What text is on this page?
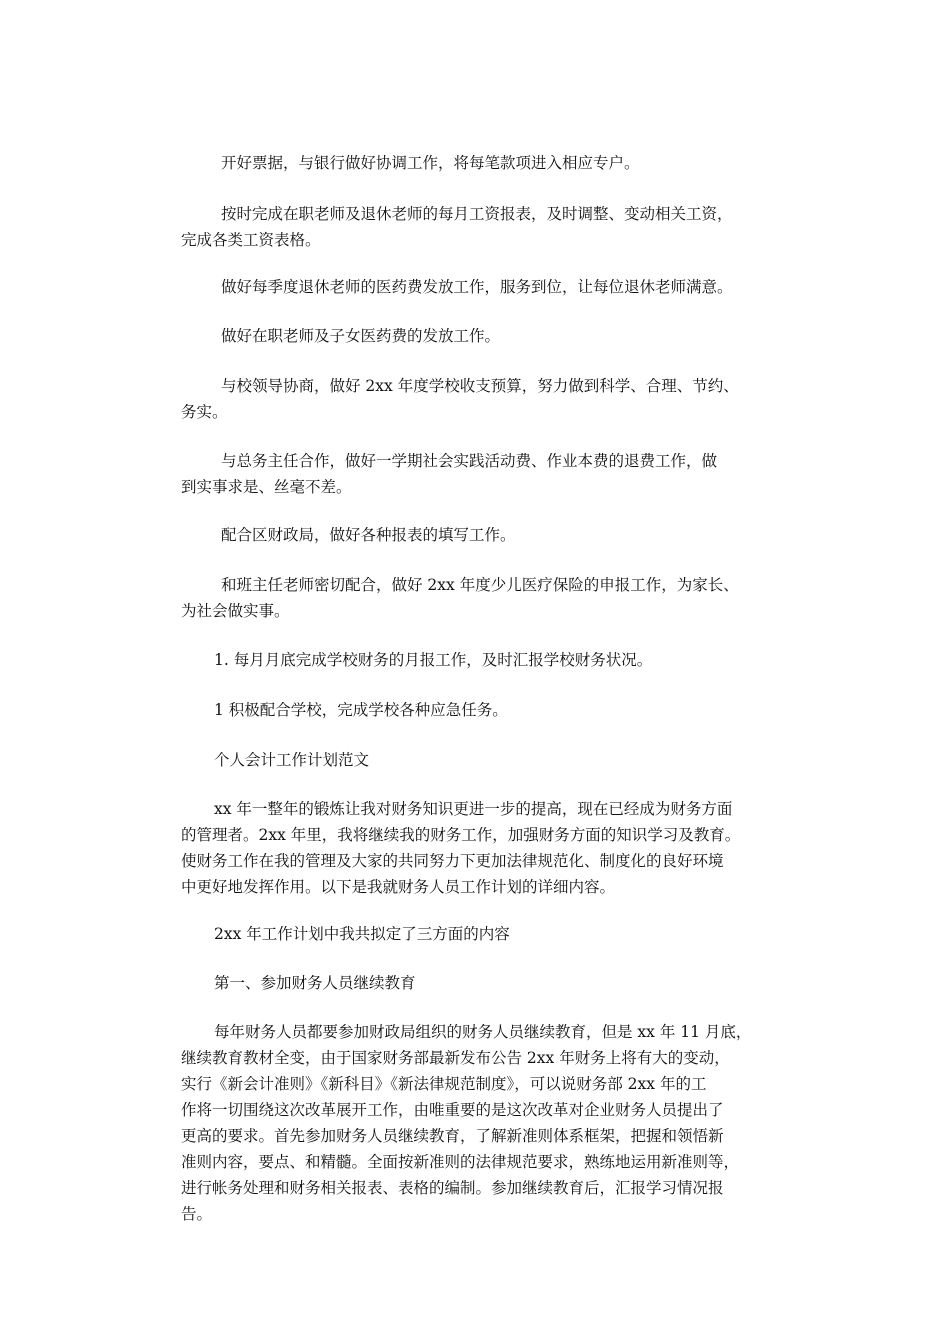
开好票据，与银行做好协调工作，将每笔款项进入相应专户。

按时完成在职老师及退休老师的每月工资报表，及时调整、变动相关工资，
完成各类工资表格。

做好每季度退休老师的医药费发放工作，服务到位，让每位退休老师满意。

做好在职老师及子女医药费的发放工作。

与校领导协商，做好 2xx 年度学校收支预算，努力做到科学、合理、节约、
务实。

与总务主任合作，做好一学期社会实践活动费、作业本费的退费工作，做
到实事求是、丝毫不差。

配合区财政局，做好各种报表的填写工作。

和班主任老师密切配合，做好 2xx 年度少儿医疗保险的申报工作，为家长、
为社会做实事。

1. 每月月底完成学校财务的月报工作，及时汇报学校财务状况。

1 积极配合学校，完成学校各种应急任务。

个人会计工作计划范文

xx 年一整年的锻炼让我对财务知识更进一步的提高，现在已经成为财务方面
的管理者。2xx 年里，我将继续我的财务工作，加强财务方面的知识学习及教育。
使财务工作在我的管理及大家的共同努力下更加法律规范化、制度化的良好环境
中更好地发挥作用。以下是我就财务人员工作计划的详细内容。

2xx 年工作计划中我共拟定了三方面的内容

第一、参加财务人员继续教育

每年财务人员都要参加财政局组织的财务人员继续教育，但是 xx 年 11 月底，
继续教育教材全变，由于国家财务部最新发布公告 2xx 年财务上将有大的变动，
实行《新会计准则》《新科目》《新法律规范制度》，可以说财务部 2xx 年的工
作将一切围绕这次改革展开工作，由唯重要的是这次改革对企业财务人员提出了
更高的要求。首先参加财务人员继续教育，了解新准则体系框架，把握和领悟新
准则内容，要点、和精髓。全面按新准则的法律规范要求，熟练地运用新准则等，
进行帐务处理和财务相关报表、表格的编制。参加继续教育后，汇报学习情况报
告。
